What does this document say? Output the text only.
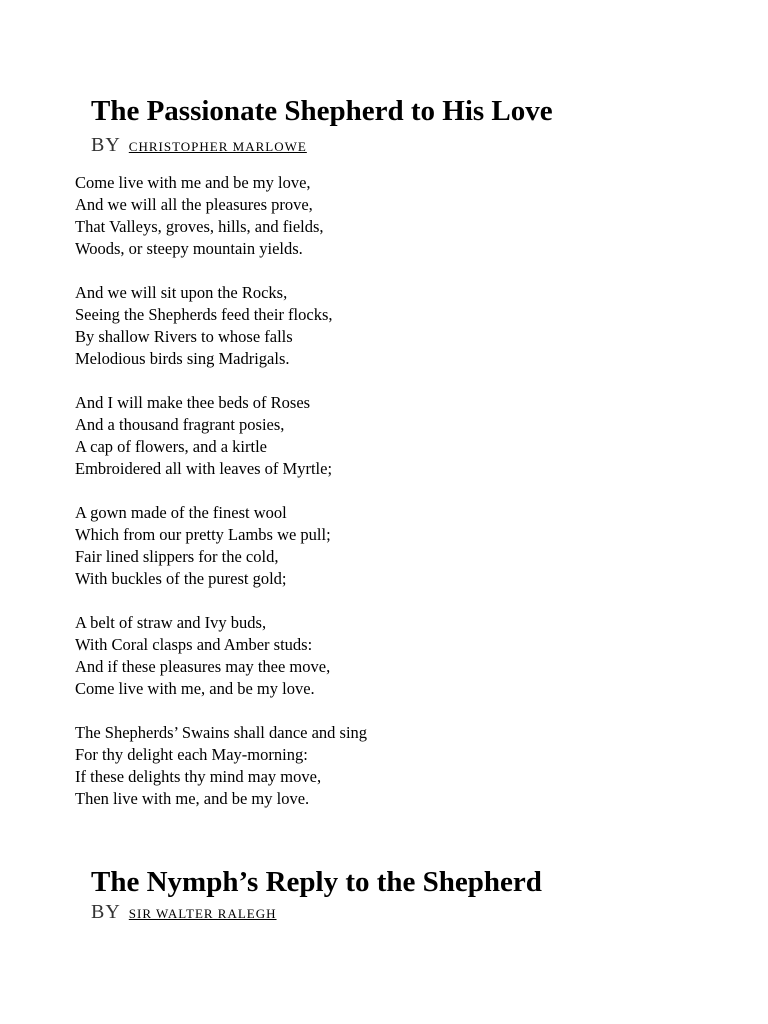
The Passionate Shepherd to His Love
BY CHRISTOPHER MARLOWE
Come live with me and be my love,
And we will all the pleasures prove,
That Valleys, groves, hills, and fields,
Woods, or steepy mountain yields.
And we will sit upon the Rocks,
Seeing the Shepherds feed their flocks,
By shallow Rivers to whose falls
Melodious birds sing Madrigals.
And I will make thee beds of Roses
And a thousand fragrant posies,
A cap of flowers, and a kirtle
Embroidered all with leaves of Myrtle;
A gown made of the finest wool
Which from our pretty Lambs we pull;
Fair lined slippers for the cold,
With buckles of the purest gold;
A belt of straw and Ivy buds,
With Coral clasps and Amber studs:
And if these pleasures may thee move,
Come live with me, and be my love.
The Shepherds’ Swains shall dance and sing
For thy delight each May-morning:
If these delights thy mind may move,
Then live with me, and be my love.
The Nymph’s Reply to the Shepherd
BY SIR WALTER RALEGH
